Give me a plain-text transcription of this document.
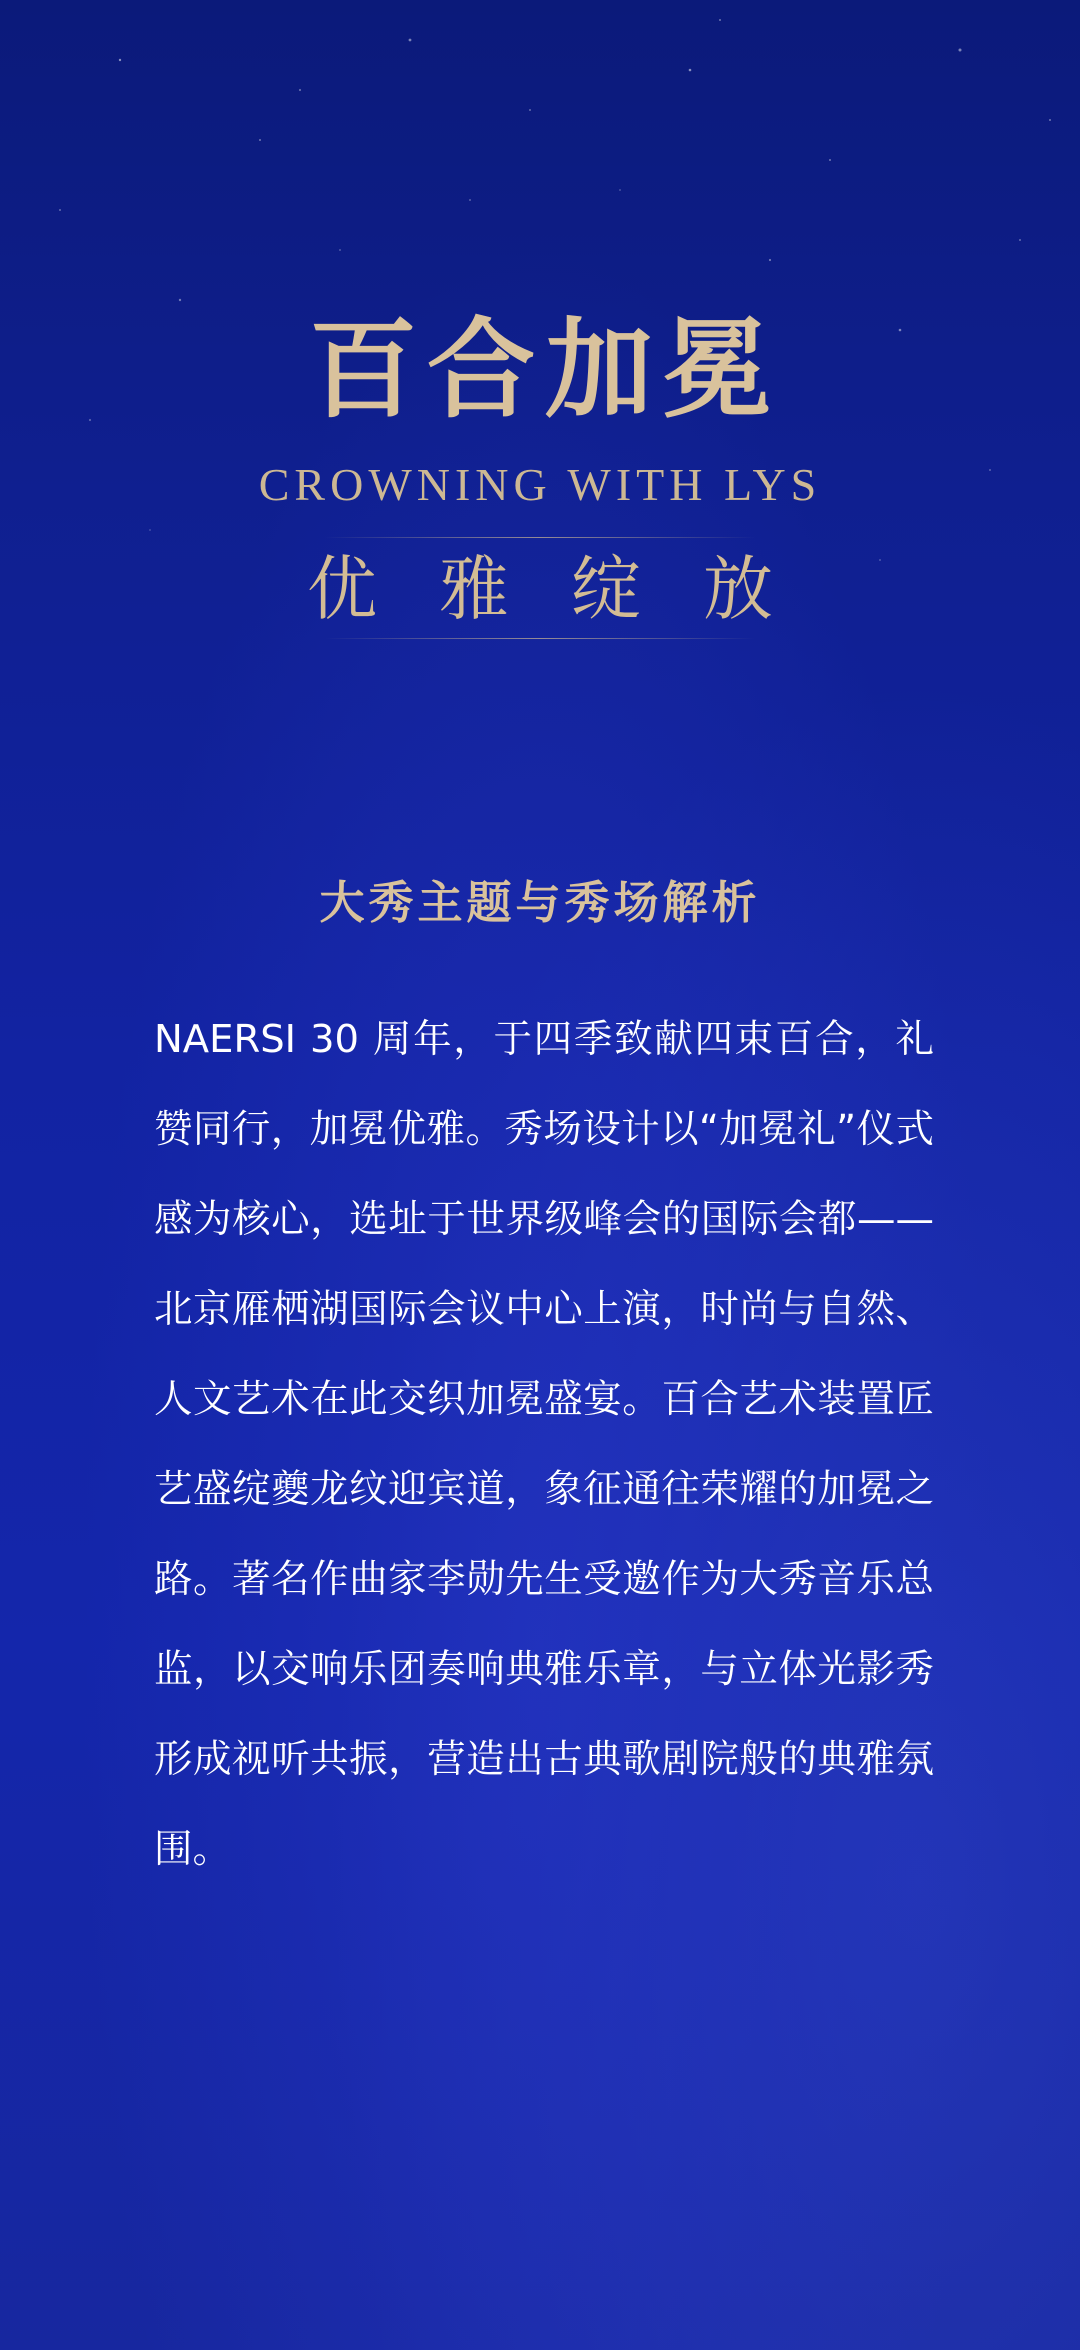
百合加冕
CROWNING WITH LYS
优雅绽放
大秀主题与秀场解析

NAERSI 30 周年，于四季致献四束百合，礼赞同行，加冕优雅。秀场设计以“加冕礼”仪式感为核心，选址于世界级峰会的国际会都——北京雁栖湖国际会议中心上演，时尚与自然、人文艺术在此交织加冕盛宴。百合艺术装置匠艺盛绽夔龙纹迎宾道，象征通往荣耀的加冕之路。著名作曲家李勋先生受邀作为大秀音乐总监，以交响乐团奏响典雅乐章，与立体光影秀形成视听共振，营造出古典歌剧院般的典雅氛围。
